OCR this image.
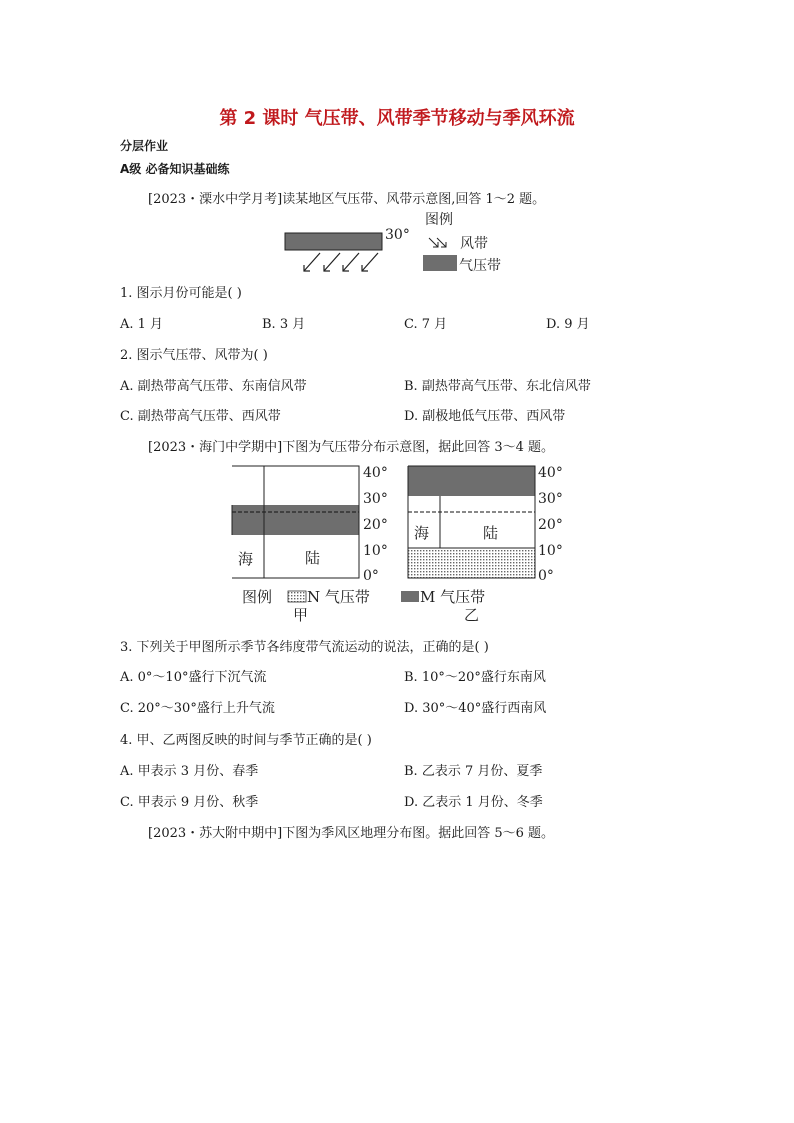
第 2 课时 气压带、风带季节移动与季风环流
分层作业
A级 必备知识基础练
[2023・溧水中学月考]读某地区气压带、风带示意图,回答 1～2 题。
30°
图例
风带
气压带
1. 图示月份可能是( )
A. 1 月	B. 3 月	C. 7 月	D. 9 月
2. 图示气压带、风带为( )
A. 副热带高气压带、东南信风带	B. 副热带高气压带、东北信风带
C. 副热带高气压带、西风带	D. 副极地低气压带、西风带
[2023・海门中学期中]下图为气压带分布示意图，据此回答 3～4 题。
海	陆
40°
30°
20°
10°
0°
海	陆
40°
30°
20°
10°
0°
图例 N 气压带	M 气压带
甲	乙
3. 下列关于甲图所示季节各纬度带气流运动的说法，正确的是( )
A. 0°～10°盛行下沉气流	B. 10°～20°盛行东南风
C. 20°～30°盛行上升气流	D. 30°～40°盛行西南风
4. 甲、乙两图反映的时间与季节正确的是( )
A. 甲表示 3 月份、春季	B. 乙表示 7 月份、夏季
C. 甲表示 9 月份、秋季	D. 乙表示 1 月份、冬季
[2023・苏大附中期中]下图为季风区地理分布图。据此回答 5～6 题。
